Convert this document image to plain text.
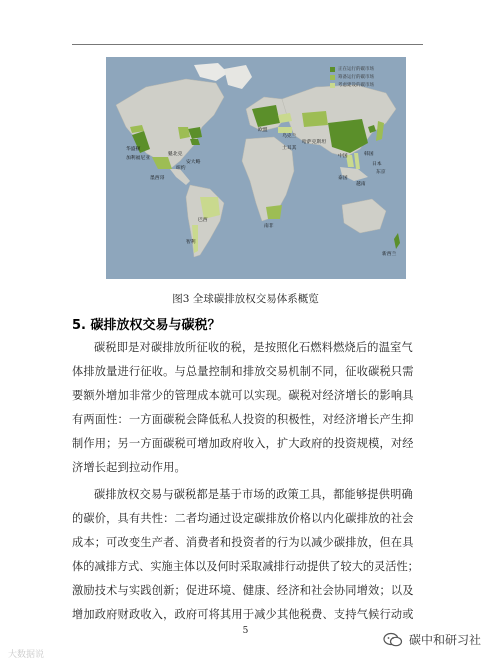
正在运行的碳市场
筹备运行的碳市场
考虑建设的碳市场
魁北克
加利福尼亚
华盛顿
纽约
安大略
墨西哥
巴西
智利
欧盟
乌克兰
土耳其
哈萨克斯坦
中国
日本
韩国
东京
泰国
越南
南非
新西兰
图3 全球碳排放权交易体系概览
5. 碳排放权交易与碳税？
碳税即是对碳排放所征收的税，是按照化石燃料燃烧后的温室气
体排放量进行征收。与总量控制和排放交易机制不同，征收碳税只需
要额外增加非常少的管理成本就可以实现。碳税对经济增长的影响具
有两面性：一方面碳税会降低私人投资的积极性，对经济增长产生抑
制作用；另一方面碳税可增加政府收入，扩大政府的投资规模，对经
济增长起到拉动作用。
碳排放权交易与碳税都是基于市场的政策工具，都能够提供明确
的碳价，具有共性：二者均通过设定碳排放价格以内化碳排放的社会
成本；可改变生产者、消费者和投资者的行为以减少碳排放，但在具
体的减排方式、实施主体以及何时采取减排行动提供了较大的灵活性；
激励技术与实践创新；促进环境、健康、经济和社会协同增效；以及
增加政府财政收入，政府可将其用于减少其他税费、支持气候行动或
5
大数据说
碳中和研习社
